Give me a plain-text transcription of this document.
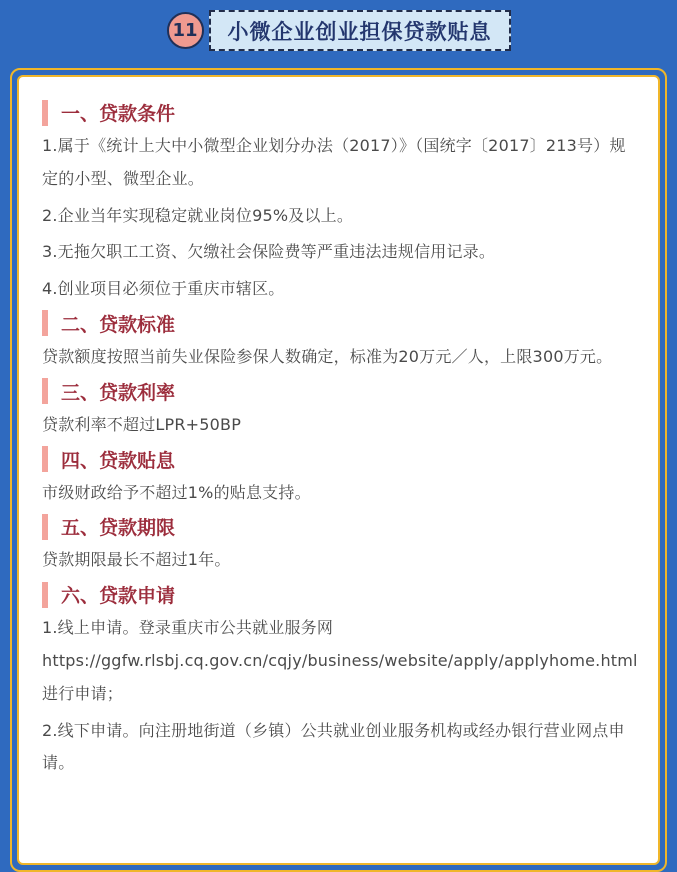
11 小微企业创业担保贷款贴息
一、贷款条件

1.属于《统计上大中小微型企业划分办法（2017）》（国统字〔2017〕213号）规定的小型、微型企业。

2.企业当年实现稳定就业岗位95%及以上。

3.无拖欠职工工资、欠缴社会保险费等严重违法违规信用记录。

4.创业项目必须位于重庆市辖区。

二、贷款标准

贷款额度按照当前失业保险参保人数确定，标准为20万元／人，上限300万元。

三、贷款利率

贷款利率不超过LPR+50BP

四、贷款贴息

市级财政给予不超过1%的贴息支持。

五、贷款期限

贷款期限最长不超过1年。

六、贷款申请

1.线上申请。登录重庆市公共就业服务网https://ggfw.rlsbj.cq.gov.cn/cqjy/business/website/apply/applyhome.html进行申请；

2.线下申请。向注册地街道（乡镇）公共就业创业服务机构或经办银行营业网点申请。
